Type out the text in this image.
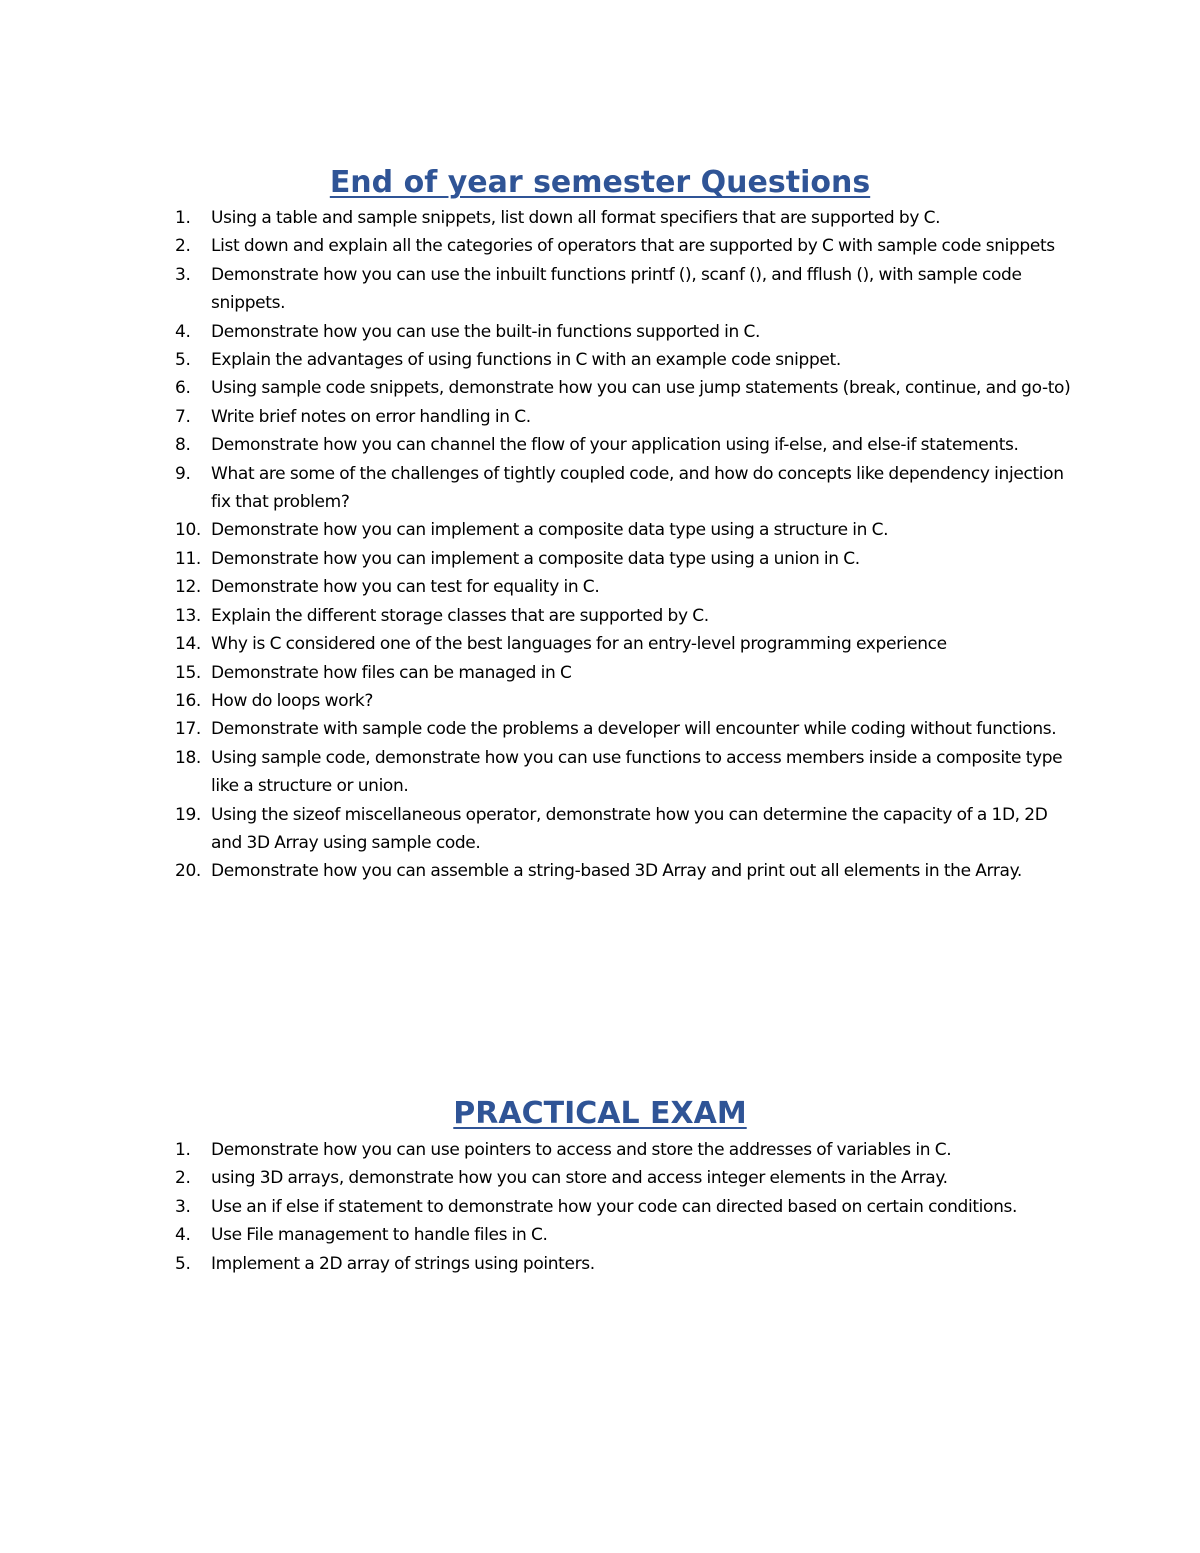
End of year semester Questions
1.	Using a table and sample snippets, list down all format specifiers that are supported by C.
2.	List down and explain all the categories of operators that are supported by C with sample code snippets
3.	Demonstrate how you can use the inbuilt functions printf (), scanf (), and fflush (), with sample code snippets.
4.	Demonstrate how you can use the built-in functions supported in C.
5.	Explain the advantages of using functions in C with an example code snippet.
6.	Using sample code snippets, demonstrate how you can use jump statements (break, continue, and go-to)
7.	Write brief notes on error handling in C.
8.	Demonstrate how you can channel the flow of your application using if-else, and else-if statements.
9.	What are some of the challenges of tightly coupled code, and how do concepts like dependency injection fix that problem?
10. Demonstrate how you can implement a composite data type using a structure in C.
11. Demonstrate how you can implement a composite data type using a union in C.
12. Demonstrate how you can test for equality in C.
13. Explain the different storage classes that are supported by C.
14. Why is C considered one of the best languages for an entry-level programming experience
15. Demonstrate how files can be managed in C
16. How do loops work?
17. Demonstrate with sample code the problems a developer will encounter while coding without functions.
18. Using sample code, demonstrate how you can use functions to access members inside a composite type like a structure or union.
19. Using the sizeof miscellaneous operator, demonstrate how you can determine the capacity of a 1D, 2D and 3D Array using sample code.
20. Demonstrate how you can assemble a string-based 3D Array and print out all elements in the Array.
PRACTICAL EXAM
1.	Demonstrate how you can use pointers to access and store the addresses of variables in C.
2.	using 3D arrays, demonstrate how you can store and access integer elements in the Array.
3.	Use an if else if statement to demonstrate how your code can directed based on certain conditions.
4.	Use File management to handle files in C.
5.	Implement a 2D array of strings using pointers.
